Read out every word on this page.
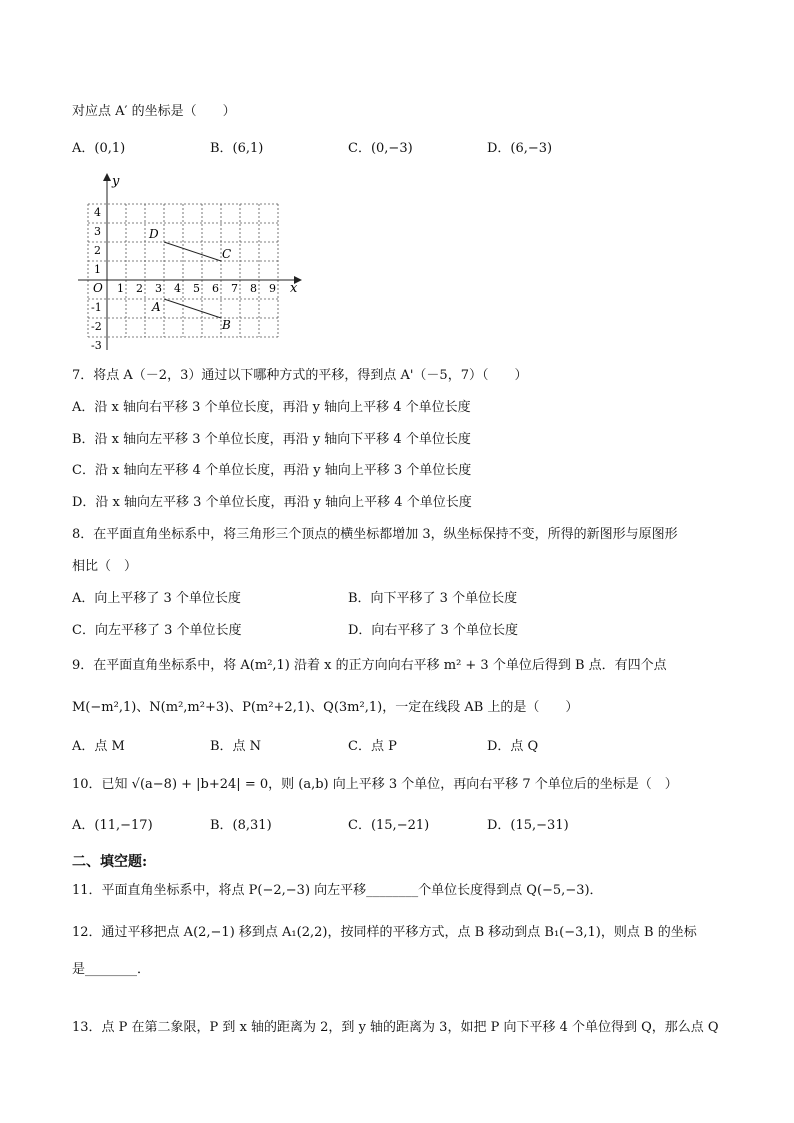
对应点 A′ 的坐标是（　　）
A．(0,1)	B．(6,1)	C．(0,−3)	D．(6,−3)
x
y
O 1 2 3 4 5 6 7 8 9
4
3
2
1
-1
-2
-3
D
C
A
B
7．将点 A（－2，3）通过以下哪种方式的平移，得到点 A'（－5，7）（　　）
A．沿 x 轴向右平移 3 个单位长度，再沿 y 轴向上平移 4 个单位长度
B．沿 x 轴向左平移 3 个单位长度，再沿 y 轴向下平移 4 个单位长度
C．沿 x 轴向左平移 4 个单位长度，再沿 y 轴向上平移 3 个单位长度
D．沿 x 轴向左平移 3 个单位长度，再沿 y 轴向上平移 4 个单位长度
8．在平面直角坐标系中，将三角形三个顶点的横坐标都增加 3，纵坐标保持不变，所得的新图形与原图形
相比（　）
A．向上平移了 3 个单位长度	B．向下平移了 3 个单位长度
C．向左平移了 3 个单位长度	D．向右平移了 3 个单位长度
9．在平面直角坐标系中，将 A(m²,1) 沿着 x 的正方向向右平移 m² + 3 个单位后得到 B 点．有四个点
M(−m²,1)、N(m²,m²+3)、P(m²+2,1)、Q(3m²,1)，一定在线段 AB 上的是（　　）
A．点 M	B．点 N	C．点 P	D．点 Q
10．已知 √(a−8) + |b+24| = 0，则 (a,b) 向上平移 3 个单位，再向右平移 7 个单位后的坐标是（　）
A．(11,−17)	B．(8,31)	C．(15,−21)	D．(15,−31)
二、填空题:
11．平面直角坐标系中，将点 P(−2,−3) 向左平移________个单位长度得到点 Q(−5,−3)．
12．通过平移把点 A(2,−1) 移到点 A₁(2,2)，按同样的平移方式，点 B 移动到点 B₁(−3,1)，则点 B 的坐标
是________．
13．点 P 在第二象限，P 到 x 轴的距离为 2，到 y 轴的距离为 3，如把 P 向下平移 4 个单位得到 Q，那么点 Q
